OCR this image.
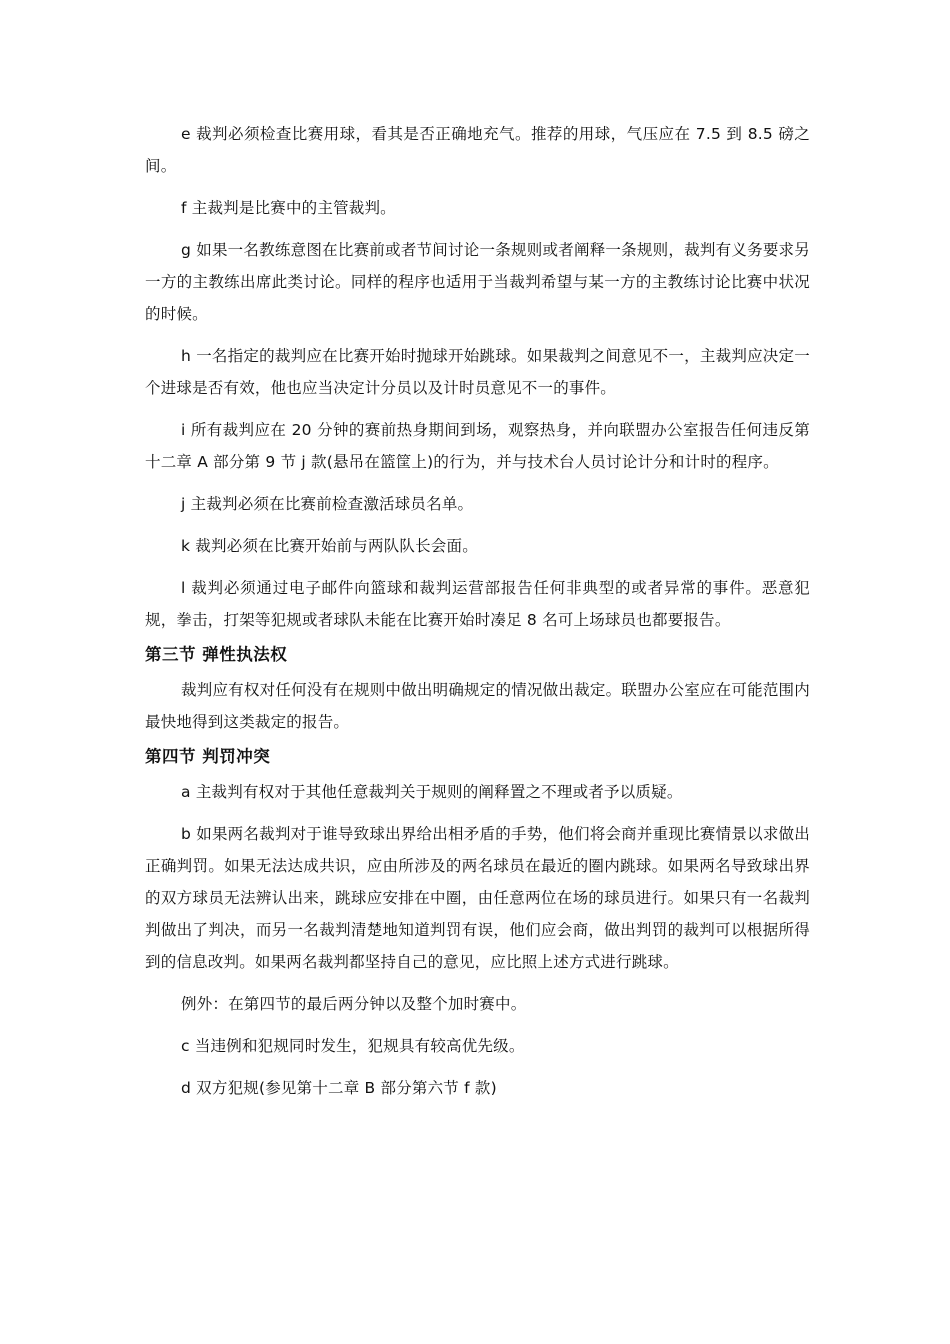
e 裁判必须检查比赛用球，看其是否正确地充气。推荐的用球，气压应在 7.5 到 8.5 磅之间。

f 主裁判是比赛中的主管裁判。

g 如果一名教练意图在比赛前或者节间讨论一条规则或者阐释一条规则，裁判有义务要求另一方的主教练出席此类讨论。同样的程序也适用于当裁判希望与某一方的主教练讨论比赛中状况的时候。

h 一名指定的裁判应在比赛开始时抛球开始跳球。如果裁判之间意见不一，主裁判应决定一个进球是否有效，他也应当决定计分员以及计时员意见不一的事件。

i 所有裁判应在 20 分钟的赛前热身期间到场，观察热身，并向联盟办公室报告任何违反第十二章 A 部分第 9 节 j 款(悬吊在篮筐上)的行为，并与技术台人员讨论计分和计时的程序。

j 主裁判必须在比赛前检查激活球员名单。

k 裁判必须在比赛开始前与两队队长会面。

l 裁判必须通过电子邮件向篮球和裁判运营部报告任何非典型的或者异常的事件。恶意犯规，拳击，打架等犯规或者球队未能在比赛开始时凑足 8 名可上场球员也都要报告。

第三节 弹性执法权

裁判应有权对任何没有在规则中做出明确规定的情况做出裁定。联盟办公室应在可能范围内最快地得到这类裁定的报告。

第四节 判罚冲突

a 主裁判有权对于其他任意裁判关于规则的阐释置之不理或者予以质疑。

b 如果两名裁判对于谁导致球出界给出相矛盾的手势，他们将会商并重现比赛情景以求做出正确判罚。如果无法达成共识，应由所涉及的两名球员在最近的圈内跳球。如果两名导致球出界的双方球员无法辨认出来，跳球应安排在中圈，由任意两位在场的球员进行。如果只有一名裁判判做出了判决，而另一名裁判清楚地知道判罚有误，他们应会商，做出判罚的裁判可以根据所得到的信息改判。如果两名裁判都坚持自己的意见，应比照上述方式进行跳球。

例外：在第四节的最后两分钟以及整个加时赛中。

c 当违例和犯规同时发生，犯规具有较高优先级。

d 双方犯规(参见第十二章 B 部分第六节 f 款)
